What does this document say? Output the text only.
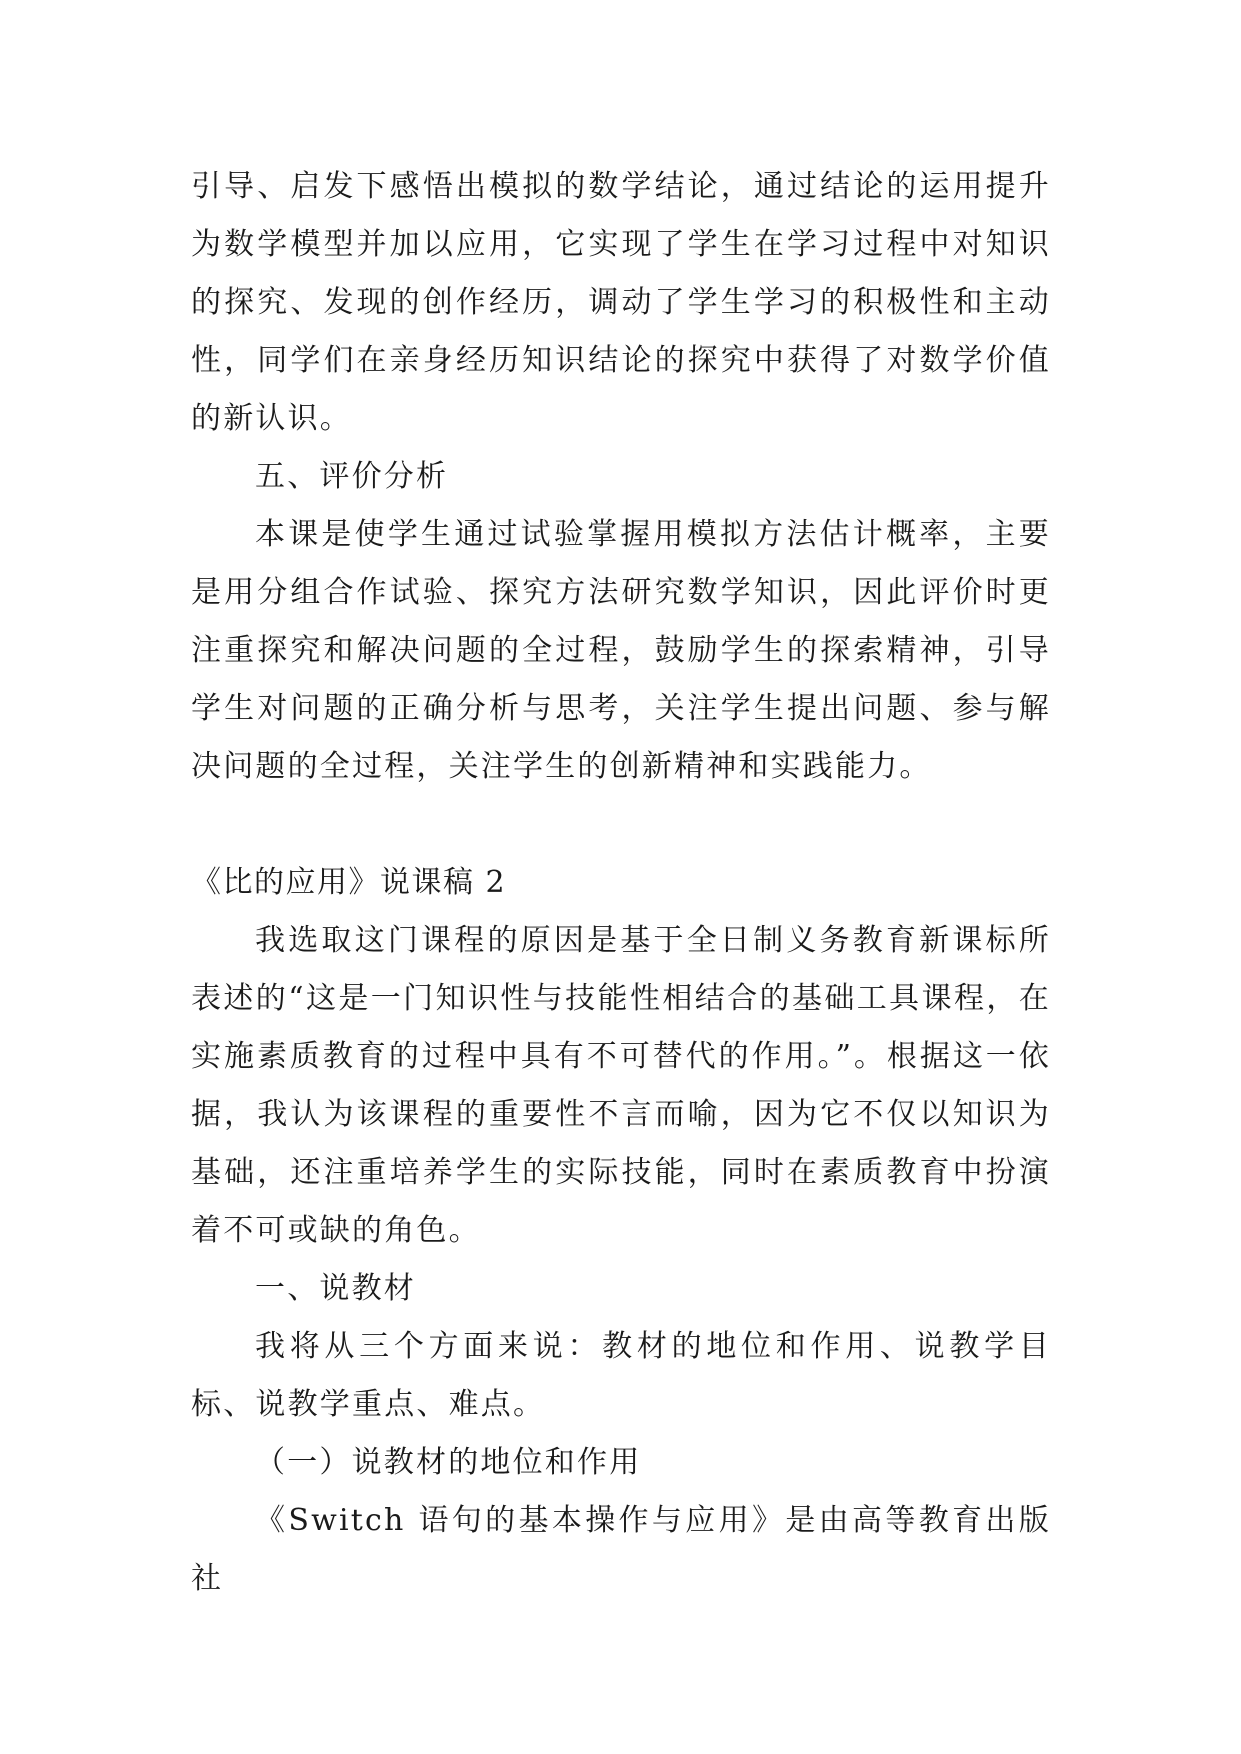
引导、启发下感悟出模拟的数学结论，通过结论的运用提升为数学模型并加以应用，它实现了学生在学习过程中对知识的探究、发现的创作经历，调动了学生学习的积极性和主动性，同学们在亲身经历知识结论的探究中获得了对数学价值的新认识。

五、评价分析

本课是使学生通过试验掌握用模拟方法估计概率，主要是用分组合作试验、探究方法研究数学知识，因此评价时更注重探究和解决问题的全过程，鼓励学生的探索精神，引导学生对问题的正确分析与思考，关注学生提出问题、参与解决问题的全过程，关注学生的创新精神和实践能力。

《比的应用》说课稿 2

我选取这门课程的原因是基于全日制义务教育新课标所表述的“这是一门知识性与技能性相结合的基础工具课程，在实施素质教育的过程中具有不可替代的作用。”。根据这一依据，我认为该课程的重要性不言而喻，因为它不仅以知识为基础，还注重培养学生的实际技能，同时在素质教育中扮演着不可或缺的角色。

一、说教材

我将从三个方面来说：教材的地位和作用、说教学目标、说教学重点、难点。

（一）说教材的地位和作用

《Switch 语句的基本操作与应用》是由高等教育出版社
